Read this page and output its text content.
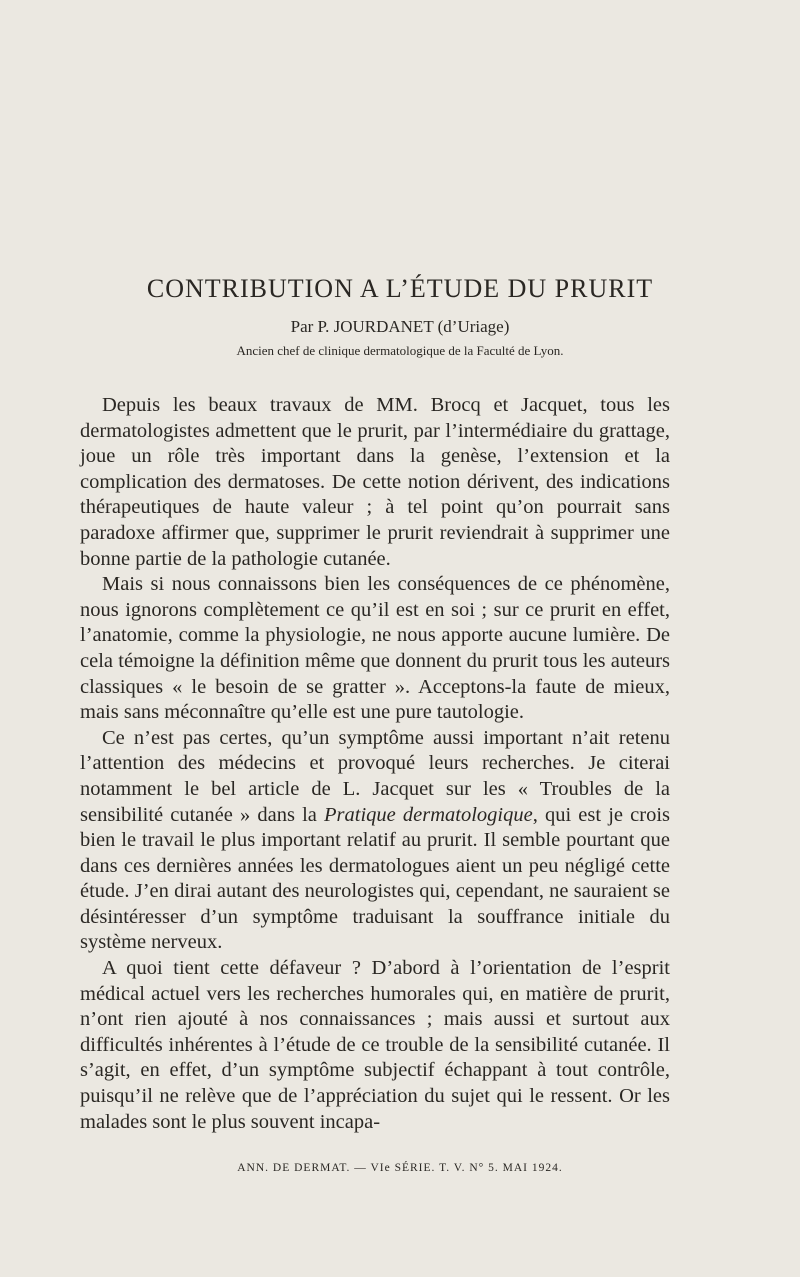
CONTRIBUTION A L’ÉTUDE DU PRURIT
Par P. JOURDANET (d’Uriage)
Ancien chef de clinique dermatologique de la Faculté de Lyon.

Depuis les beaux travaux de MM. Brocq et Jacquet, tous les dermatologistes admettent que le prurit, par l’intermédiaire du grattage, joue un rôle très important dans la genèse, l’extension et la complication des dermatoses. De cette notion dérivent, des indications thérapeutiques de haute valeur ; à tel point qu’on pourrait sans paradoxe affirmer que, supprimer le prurit reviendrait à supprimer une bonne partie de la pathologie cutanée.

Mais si nous connaissons bien les conséquences de ce phénomène, nous ignorons complètement ce qu’il est en soi ; sur ce prurit en effet, l’anatomie, comme la physiologie, ne nous apporte aucune lumière. De cela témoigne la définition même que donnent du prurit tous les auteurs classiques « le besoin de se gratter ». Acceptons-la faute de mieux, mais sans méconnaître qu’elle est une pure tautologie.

Ce n’est pas certes, qu’un symptôme aussi important n’ait retenu l’attention des médecins et provoqué leurs recherches. Je citerai notamment le bel article de L. Jacquet sur les « Troubles de la sensibilité cutanée » dans la Pratique dermatologique, qui est je crois bien le travail le plus important relatif au prurit. Il semble pourtant que dans ces dernières années les dermatologues aient un peu négligé cette étude. J’en dirai autant des neurologistes qui, cependant, ne sauraient se désintéresser d’un symptôme traduisant la souffrance initiale du système nerveux.

A quoi tient cette défaveur ? D’abord à l’orientation de l’esprit médical actuel vers les recherches humorales qui, en matière de prurit, n’ont rien ajouté à nos connaissances ; mais aussi et surtout aux difficultés inhérentes à l’étude de ce trouble de la sensibilité cutanée. Il s’agit, en effet, d’un symptôme subjectif échappant à tout contrôle, puisqu’il ne relève que de l’appréciation du sujet qui le ressent. Or les malades sont le plus souvent incapa-

ANN. DE DERMAT. — VIe SÉRIE. T. V. N° 5. MAI 1924.
